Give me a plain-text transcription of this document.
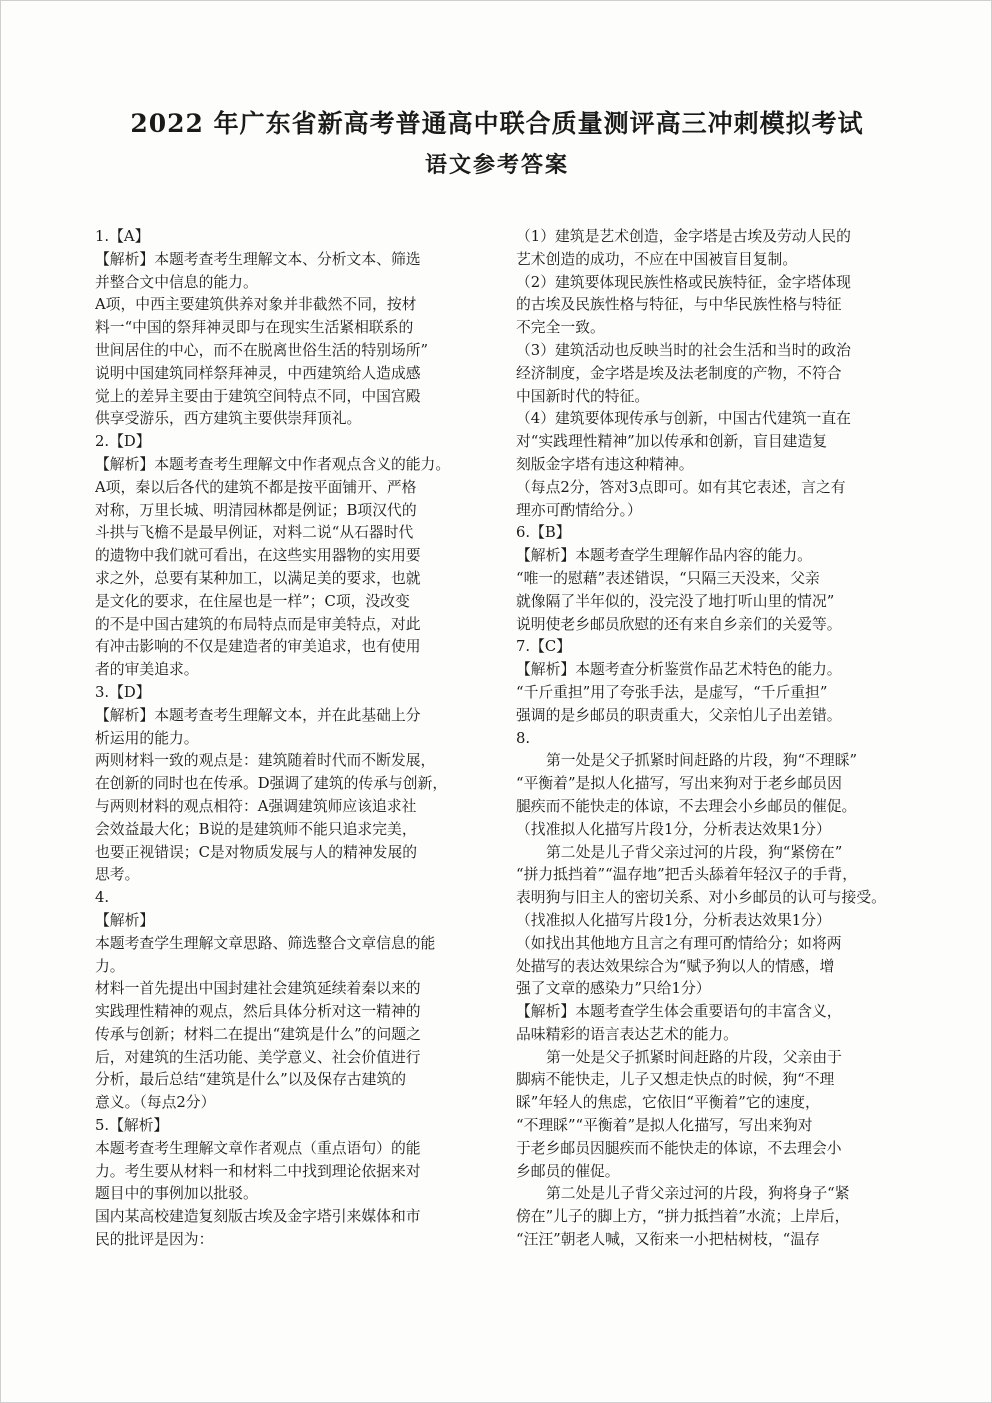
2022 年广东省新高考普通高中联合质量测评高三冲刺模拟考试
语文参考答案
1.【A】
【解析】本题考查考生理解文本、分析文本、筛选
并整合文中信息的能力。
A项，中西主要建筑供养对象并非截然不同，按材
料一“中国的祭拜神灵即与在现实生活紧相联系的
世间居住的中心，而不在脱离世俗生活的特别场所”
说明中国建筑同样祭拜神灵，中西建筑给人造成感
觉上的差异主要由于建筑空间特点不同，中国宫殿
供享受游乐，西方建筑主要供崇拜顶礼。
2.【D】
【解析】本题考查考生理解文中作者观点含义的能力。
A项，秦以后各代的建筑不都是按平面铺开、严格
对称，万里长城、明清园林都是例证；B项汉代的
斗拱与飞檐不是最早例证，对料二说“从石器时代
的遗物中我们就可看出，在这些实用器物的实用要
求之外，总要有某种加工，以满足美的要求，也就
是文化的要求，在住屋也是一样”；C项，没改变
的不是中国古建筑的布局特点而是审美特点，对此
有冲击影响的不仅是建造者的审美追求，也有使用
者的审美追求。
3.【D】
【解析】本题考查考生理解文本，并在此基础上分
析运用的能力。
两则材料一致的观点是：建筑随着时代而不断发展，
在创新的同时也在传承。D强调了建筑的传承与创新，
与两则材料的观点相符：A强调建筑师应该追求社
会效益最大化；B说的是建筑师不能只追求完美，
也要正视错误；C是对物质发展与人的精神发展的
思考。
4.
【解析】
本题考查学生理解文章思路、筛选整合文章信息的能
力。
材料一首先提出中国封建社会建筑延续着秦以来的
实践理性精神的观点，然后具体分析对这一精神的
传承与创新；材料二在提出“建筑是什么”的问题之
后，对建筑的生活功能、美学意义、社会价值进行
分析，最后总结“建筑是什么”以及保存古建筑的
意义。（每点2分）
5.【解析】
本题考查考生理解文章作者观点（重点语句）的能
力。考生要从材料一和材料二中找到理论依据来对
题目中的事例加以批驳。
国内某高校建造复刻版古埃及金字塔引来媒体和市
民的批评是因为：
（1）建筑是艺术创造，金字塔是古埃及劳动人民的
艺术创造的成功，不应在中国被盲目复制。
（2）建筑要体现民族性格或民族特征，金字塔体现
的古埃及民族性格与特征，与中华民族性格与特征
不完全一致。
（3）建筑活动也反映当时的社会生活和当时的政治
经济制度，金字塔是埃及法老制度的产物，不符合
中国新时代的特征。
（4）建筑要体现传承与创新，中国古代建筑一直在
对“实践理性精神”加以传承和创新，盲目建造复
刻版金字塔有违这种精神。
（每点2分，答对3点即可。如有其它表述，言之有
理亦可酌情给分。）
6.【B】
【解析】本题考查学生理解作品内容的能力。
“唯一的慰藉”表述错误，“只隔三天没来，父亲
就像隔了半年似的，没完没了地打听山里的情况”
说明使老乡邮员欣慰的还有来自乡亲们的关爱等。
7.【C】
【解析】本题考查分析鉴赏作品艺术特色的能力。
“千斤重担”用了夸张手法，是虚写，“千斤重担”
强调的是乡邮员的职责重大，父亲怕儿子出差错。
8.
第一处是父子抓紧时间赶路的片段，狗“不理睬”
“平衡着”是拟人化描写，写出来狗对于老乡邮员因
腿疾而不能快走的体谅，不去理会小乡邮员的催促。
（找准拟人化描写片段1分，分析表达效果1分）
第二处是儿子背父亲过河的片段，狗“紧傍在”
“拼力抵挡着”“温存地”把舌头舔着年轻汉子的手背，
表明狗与旧主人的密切关系、对小乡邮员的认可与接受。
（找准拟人化描写片段1分，分析表达效果1分）
（如找出其他地方且言之有理可酌情给分；如将两
处描写的表达效果综合为“赋予狗以人的情感，增
强了文章的感染力”只给1分）
【解析】本题考查学生体会重要语句的丰富含义，
品味精彩的语言表达艺术的能力。
第一处是父子抓紧时间赶路的片段，父亲由于
脚病不能快走，儿子又想走快点的时候，狗“不理
睬”年轻人的焦虑，它依旧“平衡着”它的速度，
“不理睬”“平衡着”是拟人化描写，写出来狗对
于老乡邮员因腿疾而不能快走的体谅，不去理会小
乡邮员的催促。
第二处是儿子背父亲过河的片段，狗将身子“紧
傍在”儿子的脚上方，“拼力抵挡着”水流；上岸后，
“汪汪”朝老人喊，又衔来一小把枯树枝，“温存
